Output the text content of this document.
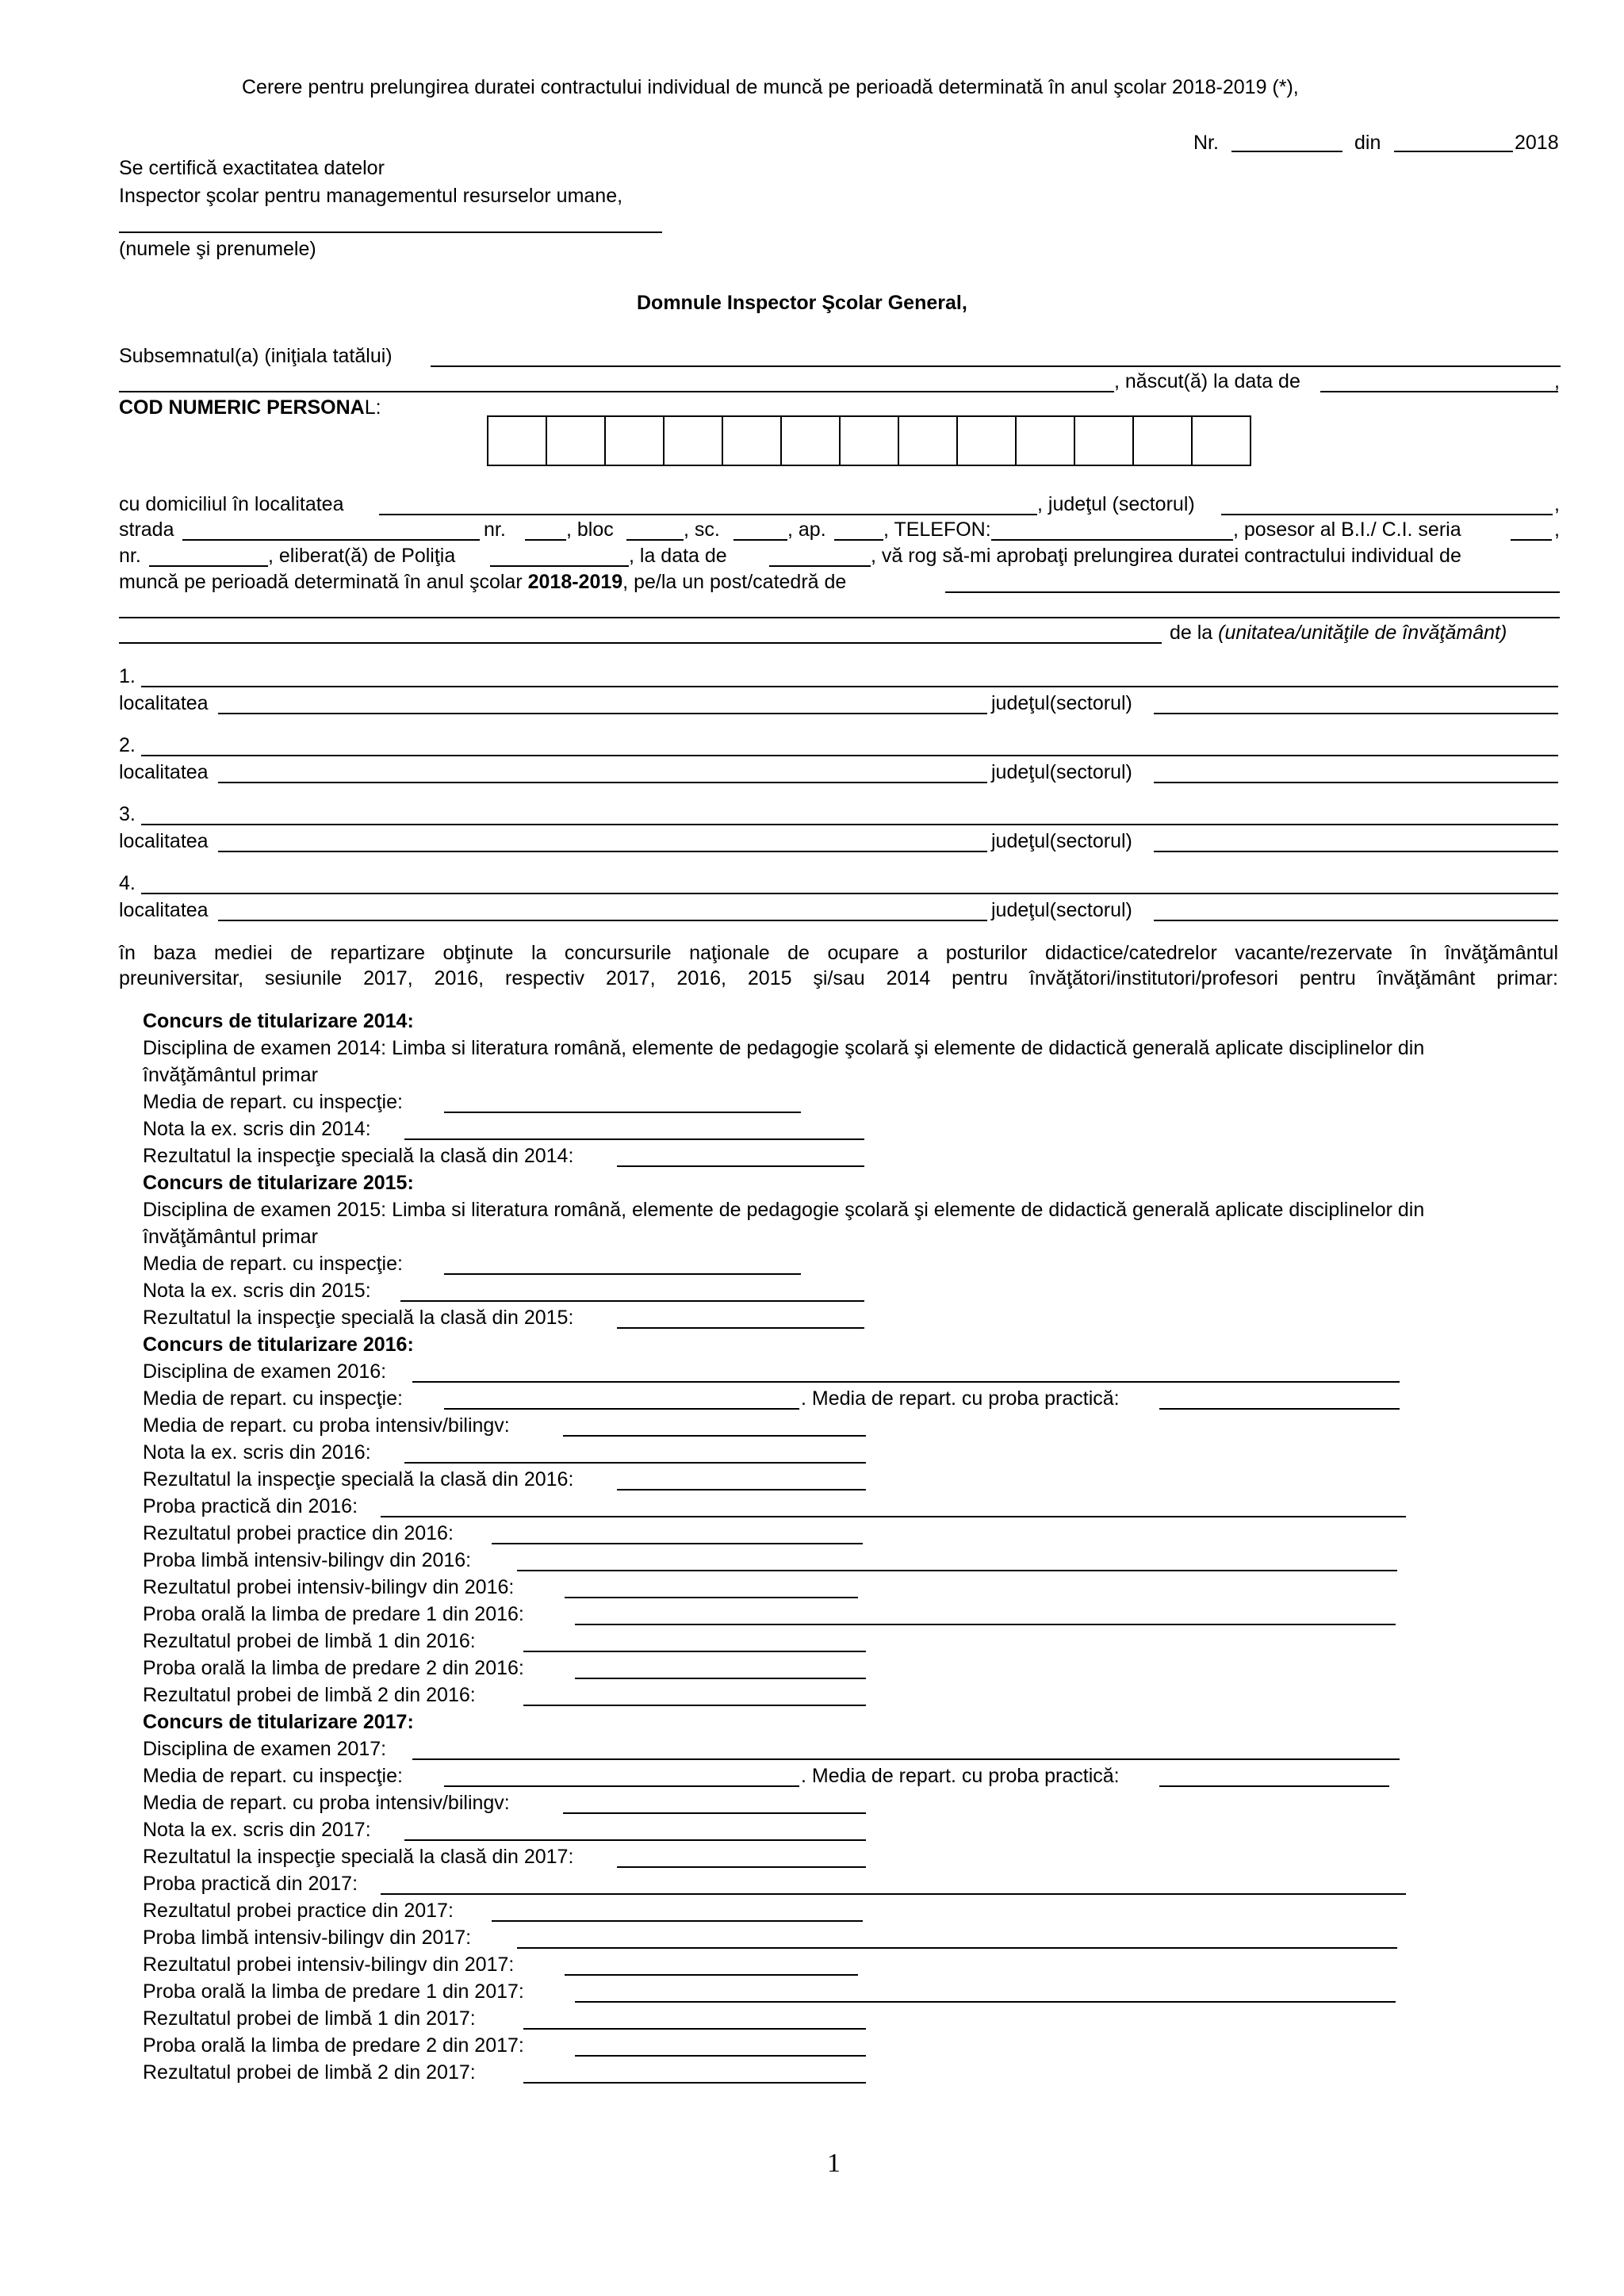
Cerere pentru prelungirea duratei contractului individual de muncă pe perioadă determinată în anul şcolar 2018-2019 (*),
Nr.	din	2018
Se certifică exactitatea datelor
Inspector şcolar pentru managementul resurselor umane,
(numele şi prenumele)
Domnule Inspector Şcolar General,
Subsemnatul(a) (iniţiala tatălui)
, născut(ă) la data de	,
COD NUMERIC PERSONAL:
cu domiciliul în localitatea	, judeţul (sectorul)	,
strada	nr.	, bloc	, sc.	, ap.	, TELEFON:	, posesor al B.I./ C.I. seria	,
nr.	, eliberat(ă) de Poliţia	, la data de	, vă rog să-mi aprobaţi prelungirea duratei contractului individual de
muncă pe perioadă determinată în anul şcolar 2018-2019, pe/la un post/catedră de
de la (unitatea/unităţile de învăţământ)
1.
localitatea	judeţul(sectorul)
2.
localitatea	judeţul(sectorul)
3.
localitatea	judeţul(sectorul)
4.
localitatea	judeţul(sectorul)
în baza mediei de repartizare obţinute la concursurile naţionale de ocupare a posturilor didactice/catedrelor vacante/rezervate în învăţământul
preuniversitar, sesiunile 2017, 2016, respectiv 2017, 2016, 2015 şi/sau 2014 pentru învăţători/institutori/profesori pentru învăţământ primar:
Concurs de titularizare 2014:
Disciplina de examen 2014: Limba si literatura română, elemente de pedagogie şcolară şi elemente de didactică generală aplicate disciplinelor din
învăţământul primar
Media de repart. cu inspecţie:
Nota la ex. scris din 2014:
Rezultatul la inspecţie specială la clasă din 2014:
Concurs de titularizare 2015:
Disciplina de examen 2015: Limba si literatura română, elemente de pedagogie şcolară şi elemente de didactică generală aplicate disciplinelor din
învăţământul primar
Media de repart. cu inspecţie:
Nota la ex. scris din 2015:
Rezultatul la inspecţie specială la clasă din 2015:
Concurs de titularizare 2016:
Disciplina de examen 2016:
Media de repart. cu inspecţie:	. Media de repart. cu proba practică:
Media de repart. cu proba intensiv/bilingv:
Nota la ex. scris din 2016:
Rezultatul la inspecţie specială la clasă din 2016:
Proba practică din 2016:
Rezultatul probei practice din 2016:
Proba limbă intensiv-bilingv din 2016:
Rezultatul probei intensiv-bilingv din 2016:
Proba orală la limba de predare 1 din 2016:
Rezultatul probei de limbă 1 din 2016:
Proba orală la limba de predare 2 din 2016:
Rezultatul probei de limbă 2 din 2016:
Concurs de titularizare 2017:
Disciplina de examen 2017:
Media de repart. cu inspecţie:	. Media de repart. cu proba practică:
Media de repart. cu proba intensiv/bilingv:
Nota la ex. scris din 2017:
Rezultatul la inspecţie specială la clasă din 2017:
Proba practică din 2017:
Rezultatul probei practice din 2017:
Proba limbă intensiv-bilingv din 2017:
Rezultatul probei intensiv-bilingv din 2017:
Proba orală la limba de predare 1 din 2017:
Rezultatul probei de limbă 1 din 2017:
Proba orală la limba de predare 2 din 2017:
Rezultatul probei de limbă 2 din 2017:
1
